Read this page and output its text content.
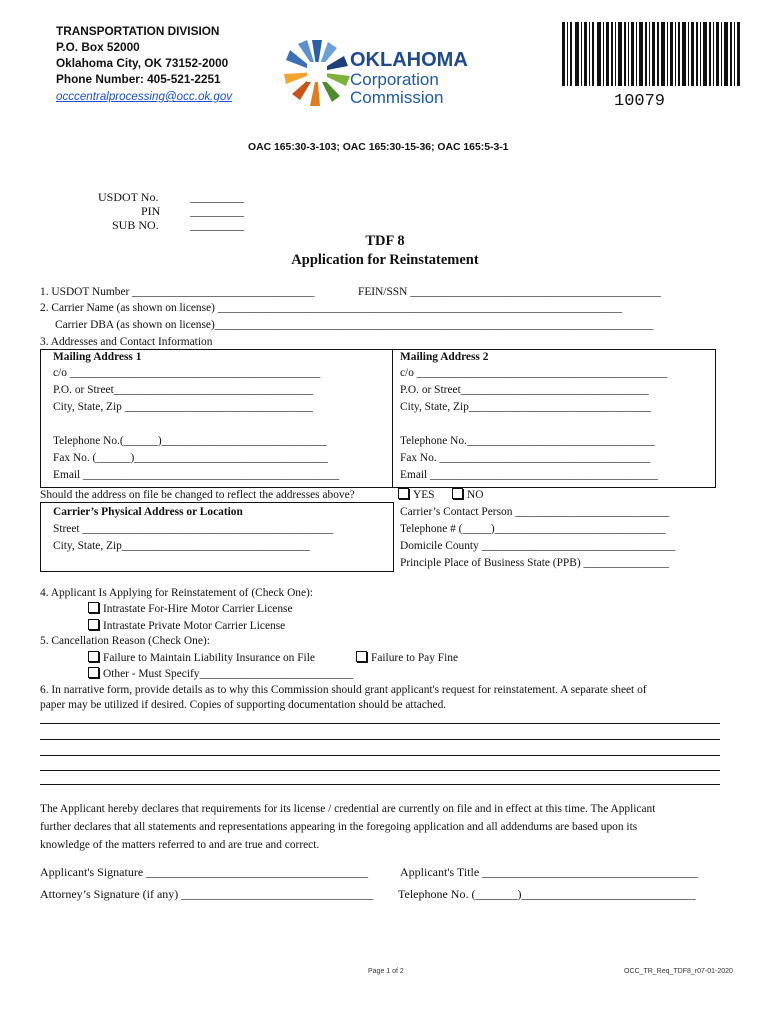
TRANSPORTATION DIVISION
P.O. Box 52000
Oklahoma City, OK 73152-2000
Phone Number: 405-521-2251
occcentralprocessing@occ.ok.gov
OKLAHOMA
Corporation
Commission	10079
OAC 165:30-3-103; OAC 165:30-15-36; OAC 165:5-3-1
USDOT No.	_________
PIN _________
SUB NO.	_________
TDF 8
Application for Reinstatement
1. USDOT Number ________________________________	FEIN/SSN ____________________________________________
2. Carrier Name (as shown on license) _______________________________________________________________________
Carrier DBA (as shown on license)_____________________________________________________________________________
3. Addresses and Contact Information
Mailing Address 1
c/o ____________________________________________
P.O. or Street___________________________________
City, State, Zip _________________________________
Telephone No.(______)_____________________________
Fax No. (______)__________________________________
Email _____________________________________________
Mailing Address 2
c/o ____________________________________________
P.O. or Street_________________________________
City, State, Zip________________________________
Telephone No._________________________________
Fax No. _____________________________________
Email ________________________________________
Should the address on file be changed to reflect the addresses above?	YES	NO
Carrier’s Physical Address or Location
Street ____________________________________________
City, State, Zip_________________________________
Carrier’s Contact Person ___________________________
Telephone # (_____)______________________________
Domicile County __________________________________
Principle Place of Business State (PPB) _______________
4. Applicant Is Applying for Reinstatement of (Check One):
Intrastate For-Hire Motor Carrier License
Intrastate Private Motor Carrier License
5. Cancellation Reason (Check One):
Failure to Maintain Liability Insurance on File	Failure to Pay Fine
Other - Must Specify___________________________
6. In narrative form, provide details as to why this Commission should grant applicant's request for reinstatement. A separate sheet of
paper may be utilized if desired. Copies of supporting documentation should be attached.
The Applicant hereby declares that requirements for its license / credential are currently on file and in effect at this time. The Applicant
further declares that all statements and representations appearing in the foregoing application and all addendums are based upon its
knowledge of the matters referred to and are true and correct.
Applicant's Signature _____________________________________	Applicant's Title ____________________________________
Attorney’s Signature (if any) ________________________________ Telephone No. (_______)_____________________________
Page 1 of 2	OCC_TR_Req_TDF8_r07-01-2020
